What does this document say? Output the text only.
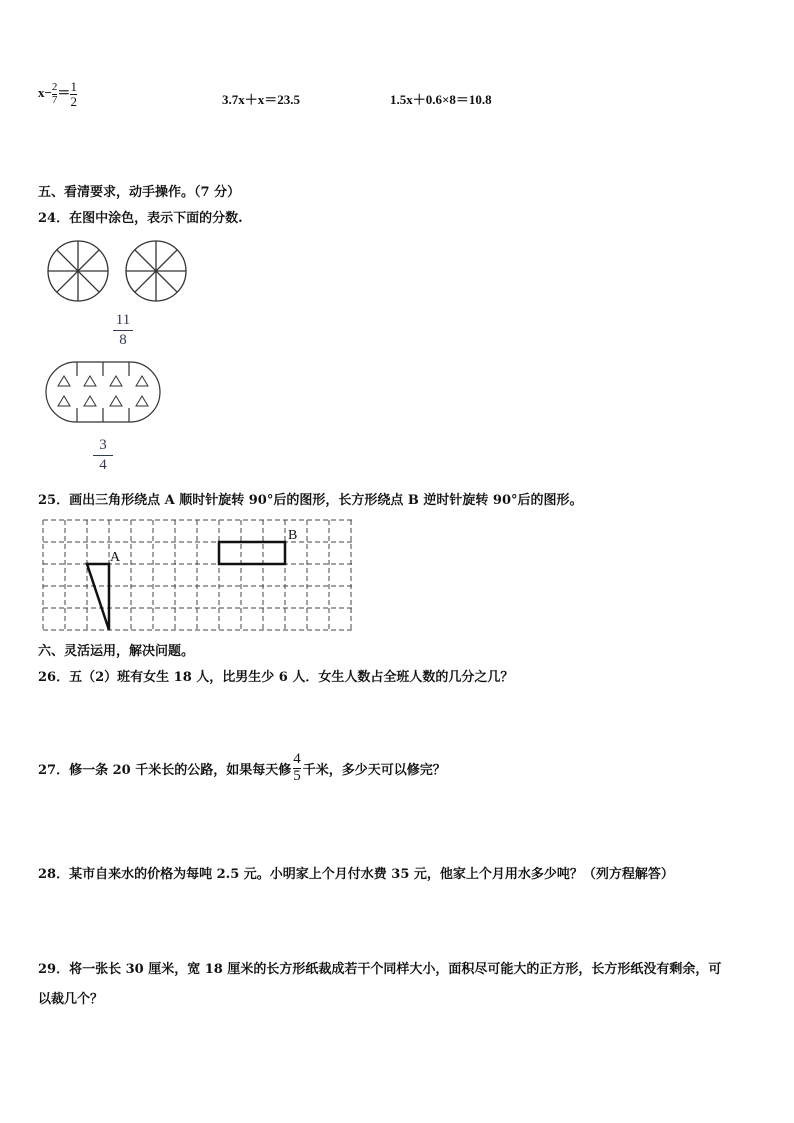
$x- \frac{2}{7} = \frac{1}{2}$	3.7x＋x＝23.5	1.5x＋0.6×8＝10.8
五、看清要求，动手操作。（7 分）
24．在图中涂色，表示下面的分数.
11
8
3
4
25．画出三角形绕点 A 顺时针旋转 90°后的图形，长方形绕点 B 逆时针旋转 90°后的图形。
A
B
六、灵活运用，解决问题。
26．五（2）班有女生 18 人，比男生少 6 人．女生人数占全班人数的几分之几？
27．修一条 20 千米长的公路，如果每天修 $\frac{4}{5}$ 千米，多少天可以修完？
28．某市自来水的价格为每吨 2.5 元。小明家上个月付水费 35 元，他家上个月用水多少吨？（列方程解答）
29．将一张长 30 厘米，宽 18 厘米的长方形纸裁成若干个同样大小，面积尽可能大的正方形，长方形纸没有剩余，可
以裁几个？
